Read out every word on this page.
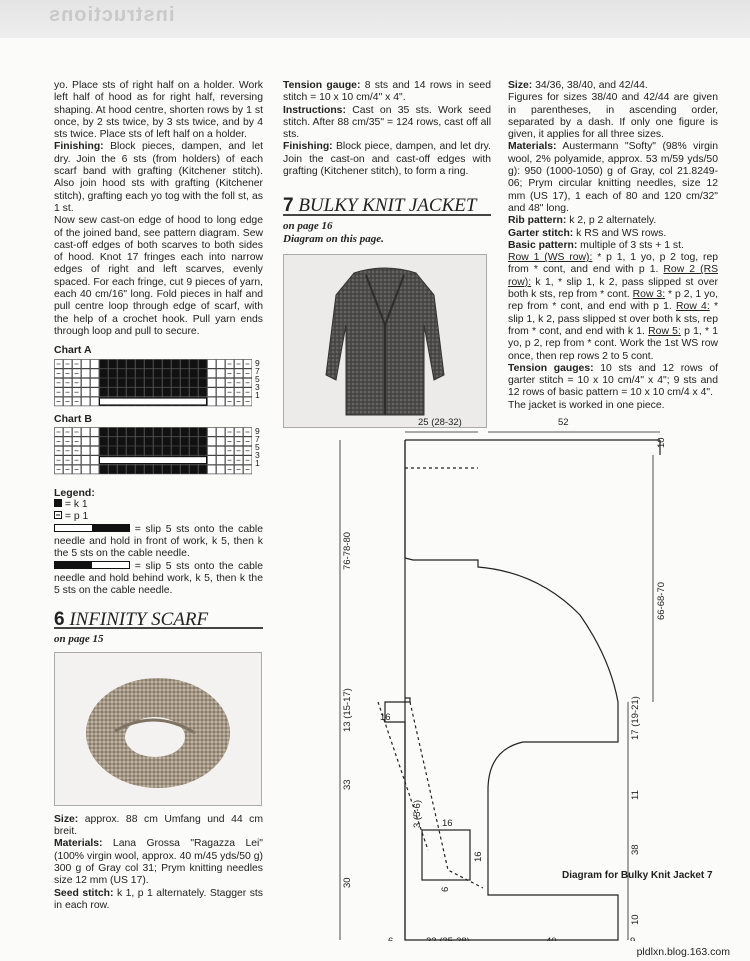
instructions

yo. Place sts of right half on a holder. Work left half of hood as for right half, reversing shaping. At hood centre, shorten rows by 1 st once, by 2 sts twice, by 3 sts twice, and by 4 sts twice. Place sts of left half on a holder.

Finishing: Block pieces, dampen, and let dry. Join the 6 sts (from holders) of each scarf band with grafting (Kitchener stitch). Also join hood sts with grafting (Kitchener stitch), grafting each yo tog with the foll st, as 1 st.

Now sew cast-on edge of hood to long edge of the joined band, see pattern diagram. Sew cast-off edges of both scarves to both sides of hood. Knot 17 fringes each into narrow edges of right and left scarves, evenly spaced. For each fringe, cut 9 pieces of yarn, each 40 cm/16" long. Fold pieces in half and pull centre loop through edge of scarf, with the help of a crochet hook. Pull yarn ends through loop and pull to secure.

Chart A
9
7
5
3
1
Chart B
9
7
5
3
1
Legend:

= k 1

= p 1

= slip 5 sts onto the cable needle and hold in front of work, k 5, then k the 5 sts on the cable needle.

= slip 5 sts onto the cable needle and hold behind work, k 5, then k the 5 sts on the cable needle.

6 INFINITY SCARF
on page 15

Size: approx. 88 cm Umfang und 44 cm breit.

Materials: Lana Grossa "Ragazza Lei" (100% virgin wool, approx. 40 m/45 yds/50 g) 300 g of Gray col 31; Prym knitting needles size 12 mm (US 17).

Seed stitch: k 1, p 1 alternately. Stagger sts in each row.

Tension gauge: 8 sts and 14 rows in seed stitch = 10 x 10 cm/4" x 4".

Instructions: Cast on 35 sts. Work seed stitch. After 88 cm/35" = 124 rows, cast off all sts.

Finishing: Block piece, dampen, and let dry. Join the cast-on and cast-off edges with grafting (Kitchener stitch), to form a ring.

7 BULKY KNIT JACKET
on page 16
Diagram on this page.

Size: 34/36, 38/40, and 42/44.

Figures for sizes 38/40 and 42/44 are given in parentheses, in ascending order, separated by a dash. If only one figure is given, it applies for all three sizes.

Materials: Austermann "Softy" (98% virgin wool, 2% polyamide, approx. 53 m/59 yds/50 g): 950 (1000-1050) g of Gray, col 21.8249-06; Prym circular knitting needles, size 12 mm (US 17), 1 each of 80 and 120 cm/32" and 48" long.

Rib pattern: k 2, p 2 alternately.

Garter stitch: k RS and WS rows.

Basic pattern: multiple of 3 sts + 1 st.

Row 1 (WS row): * p 1, 1 yo, p 2 tog, rep from * cont, and end with p 1. Row 2 (RS row): k 1, * slip 1, k 2, pass slipped st over both k sts, rep from * cont. Row 3: * p 2, 1 yo, rep from * cont, and end with p 1. Row 4: * slip 1, k 2, pass slipped st over both k sts, rep from * cont, and end with k 1. Row 5: p 1, * 1 yo, p 2, rep from * cont. Work the 1st WS row once, then rep rows 2 to 5 cont.

Tension gauges: 10 sts and 12 rows of garter stitch = 10 x 10 cm/4" x 4"; 9 sts and 12 rows of basic pattern = 10 x 10 cm/4 x 4".

The jacket is worked in one piece.

25 (28-32)	52
10
76-78-80
66-68-70
13 (15-17)	16	17 (19-21)
11
33
3 (5-6) 16
16
6
38
30
10
Diagram for Bulky Knit Jacket 7
pldlxn.blog.163.com
